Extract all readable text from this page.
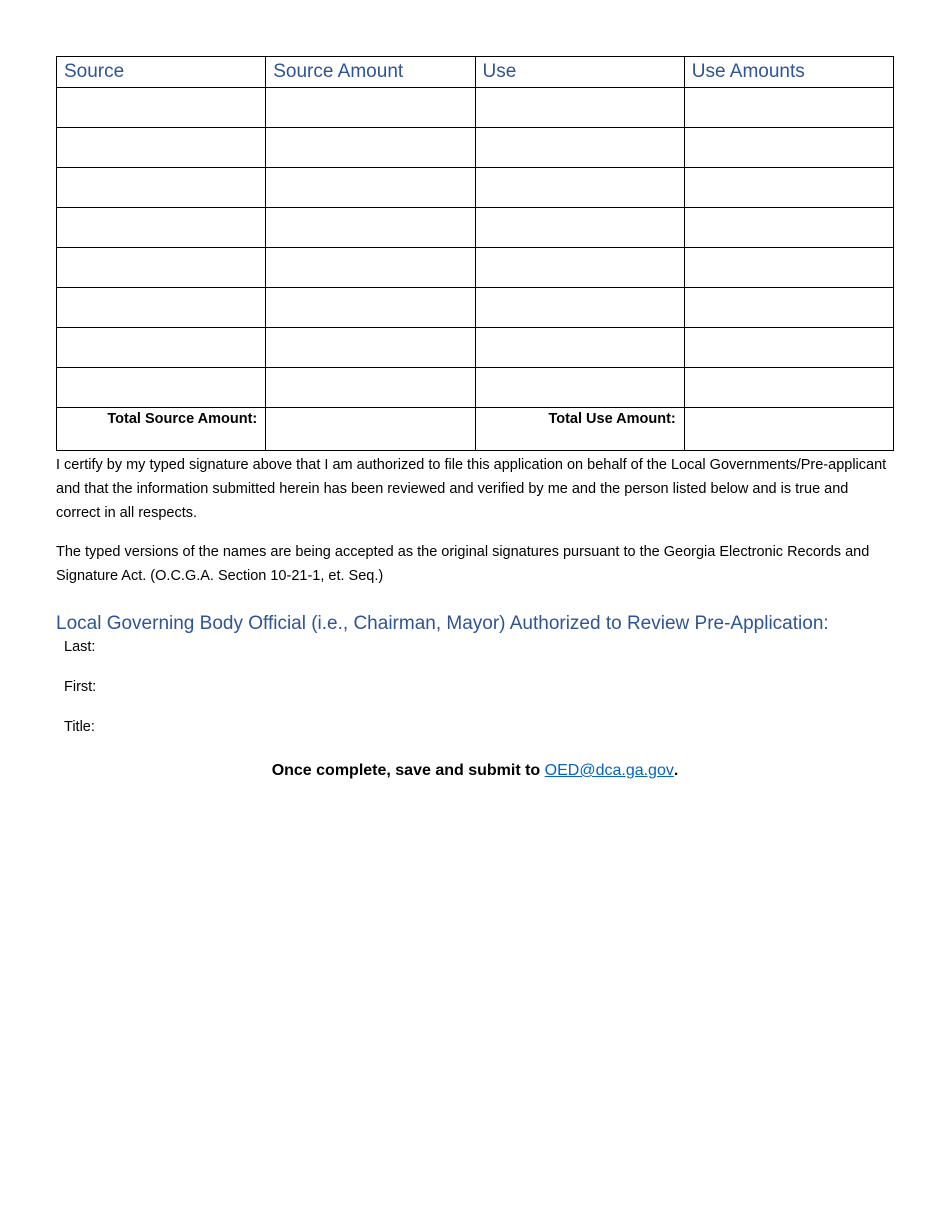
Source	Source Amount	Use	Use Amounts

Total Source Amount:		Total Use Amount:	

I certify by my typed signature above that I am authorized to file this application on behalf of the Local Governments/Pre-applicant and that the information submitted herein has been reviewed and verified by me and the person listed below and is true and correct in all respects.

The typed versions of the names are being accepted as the original signatures pursuant to the Georgia Electronic Records and Signature Act. (O.C.G.A. Section 10-21-1, et. Seq.)

Local Governing Body Official (i.e., Chairman, Mayor) Authorized to Review Pre-Application:
Last:
First:
Title:
Once complete, save and submit to OED@dca.ga.gov.
